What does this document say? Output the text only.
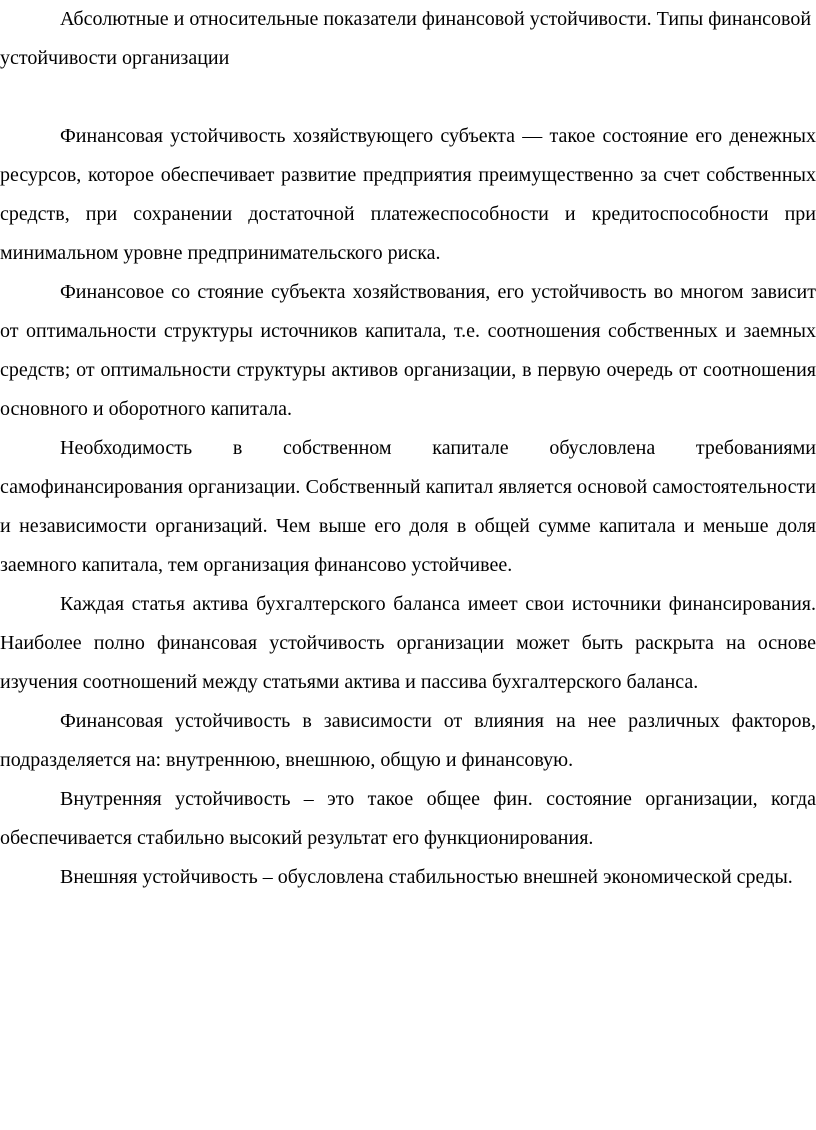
Абсолютные и относительные показатели финансовой устойчивости. Типы финансовой устойчивости организации

Финансовая устойчивость хозяйствующего субъекта — такое состояние его денежных ресурсов, которое обеспечивает развитие предприятия преимущественно за счет собственных средств, при сохранении достаточной платежеспособности и кредитоспособности при минимальном уровне предпринимательского риска.

Финансовое со стояние субъекта хозяйствования, его устойчивость во многом зависит от оптимальности структуры источников капитала, т.е. соотношения собственных и заемных средств; от оптимальности структуры активов организации, в первую очередь от соотношения основного и оборотного капитала.

Необходимость в собственном капитале обусловлена требованиями самофинансирования организации. Собственный капитал является основой самостоятельности и независимости организаций. Чем выше его доля в общей сумме капитала и меньше доля заемного капитала, тем организация финансово устойчивее.

Каждая статья актива бухгалтерского баланса имеет свои источники финансирования. Наиболее полно финансовая устойчивость организации может быть раскрыта на основе изучения соотношений между статьями актива и пассива бухгалтерского баланса.

Финансовая устойчивость в зависимости от влияния на нее различных факторов, подразделяется на: внутреннюю, внешнюю, общую и финансовую.

Внутренняя устойчивость – это такое общее фин. состояние организации, когда обеспечивается стабильно высокий результат его функционирования.

Внешняя устойчивость – обусловлена стабильностью внешней экономической среды.
